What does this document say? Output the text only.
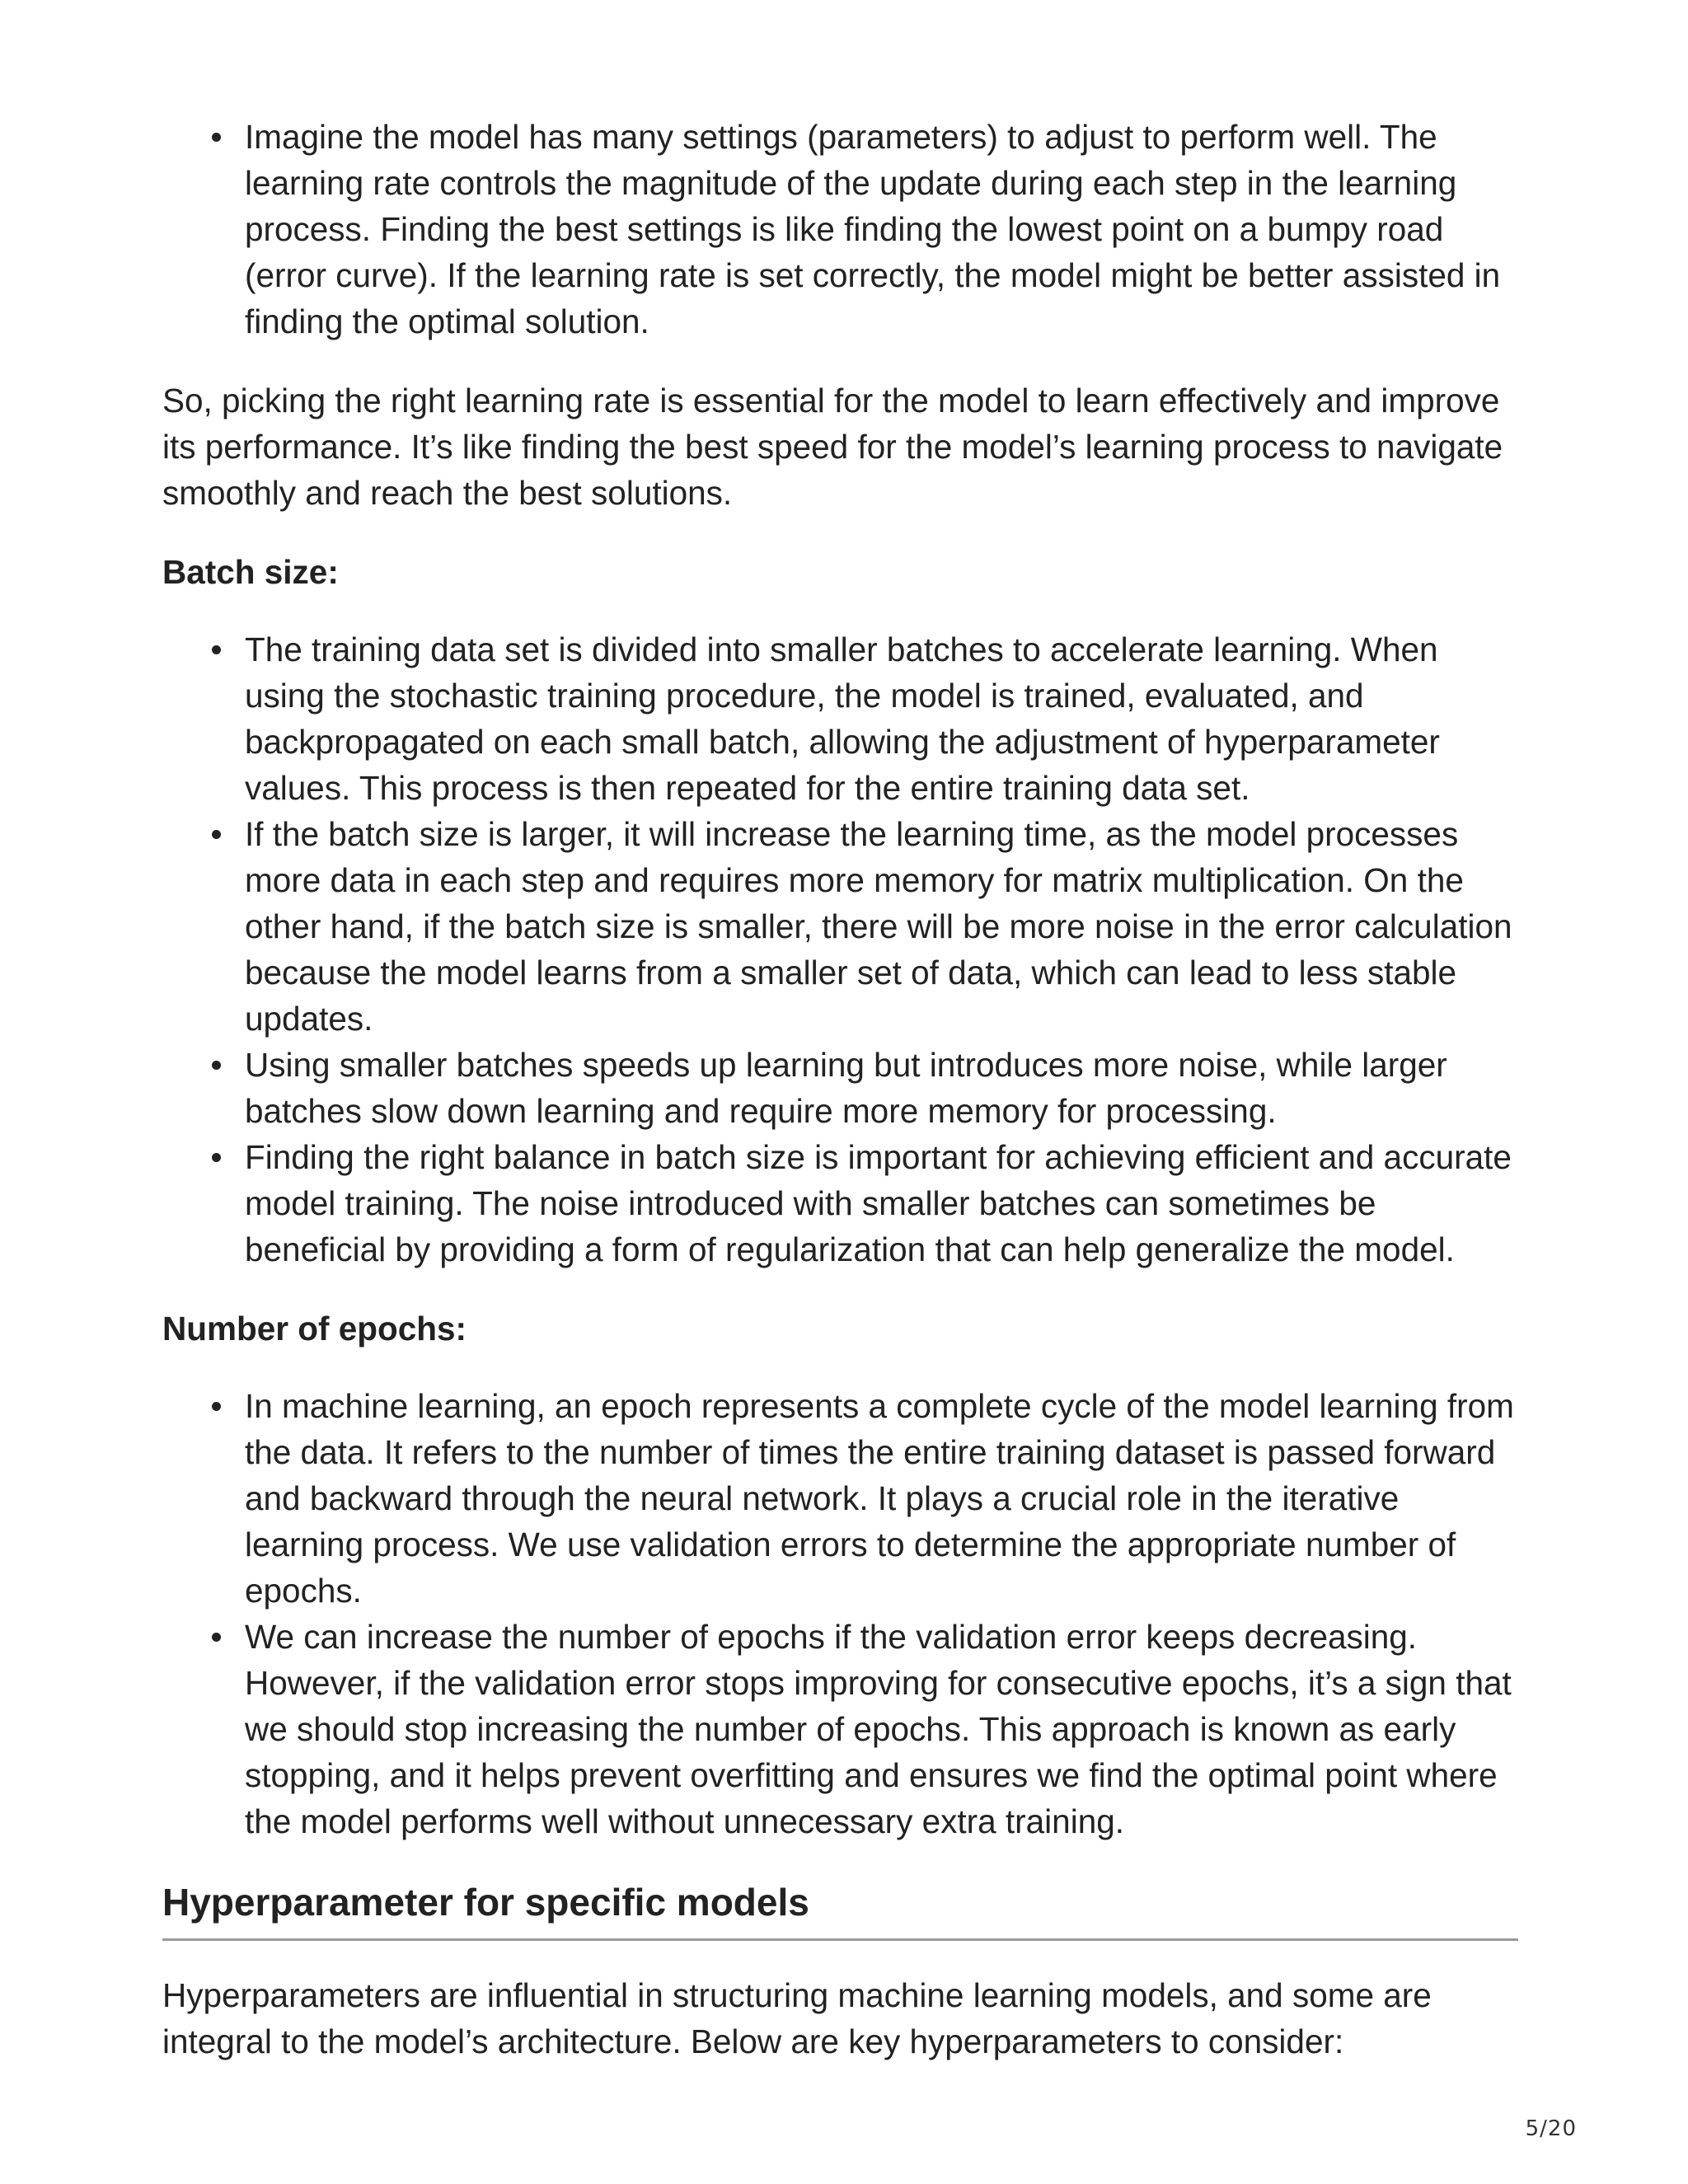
Imagine the model has many settings (parameters) to adjust to perform well. The learning rate controls the magnitude of the update during each step in the learning process. Finding the best settings is like finding the lowest point on a bumpy road (error curve). If the learning rate is set correctly, the model might be better assisted in finding the optimal solution.

So, picking the right learning rate is essential for the model to learn effectively and improve its performance. It’s like finding the best speed for the model’s learning process to navigate smoothly and reach the best solutions.

Batch size:

The training data set is divided into smaller batches to accelerate learning. When using the stochastic training procedure, the model is trained, evaluated, and backpropagated on each small batch, allowing the adjustment of hyperparameter values. This process is then repeated for the entire training data set.
If the batch size is larger, it will increase the learning time, as the model processes more data in each step and requires more memory for matrix multiplication. On the other hand, if the batch size is smaller, there will be more noise in the error calculation because the model learns from a smaller set of data, which can lead to less stable updates.
Using smaller batches speeds up learning but introduces more noise, while larger batches slow down learning and require more memory for processing.
Finding the right balance in batch size is important for achieving efficient and accurate model training. The noise introduced with smaller batches can sometimes be beneficial by providing a form of regularization that can help generalize the model.

Number of epochs:

In machine learning, an epoch represents a complete cycle of the model learning from the data. It refers to the number of times the entire training dataset is passed forward and backward through the neural network. It plays a crucial role in the iterative learning process. We use validation errors to determine the appropriate number of epochs.
We can increase the number of epochs if the validation error keeps decreasing. However, if the validation error stops improving for consecutive epochs, it’s a sign that we should stop increasing the number of epochs. This approach is known as early stopping, and it helps prevent overfitting and ensures we find the optimal point where the model performs well without unnecessary extra training.
Hyperparameter for specific models

Hyperparameters are influential in structuring machine learning models, and some are integral to the model’s architecture. Below are key hyperparameters to consider:

5/20
